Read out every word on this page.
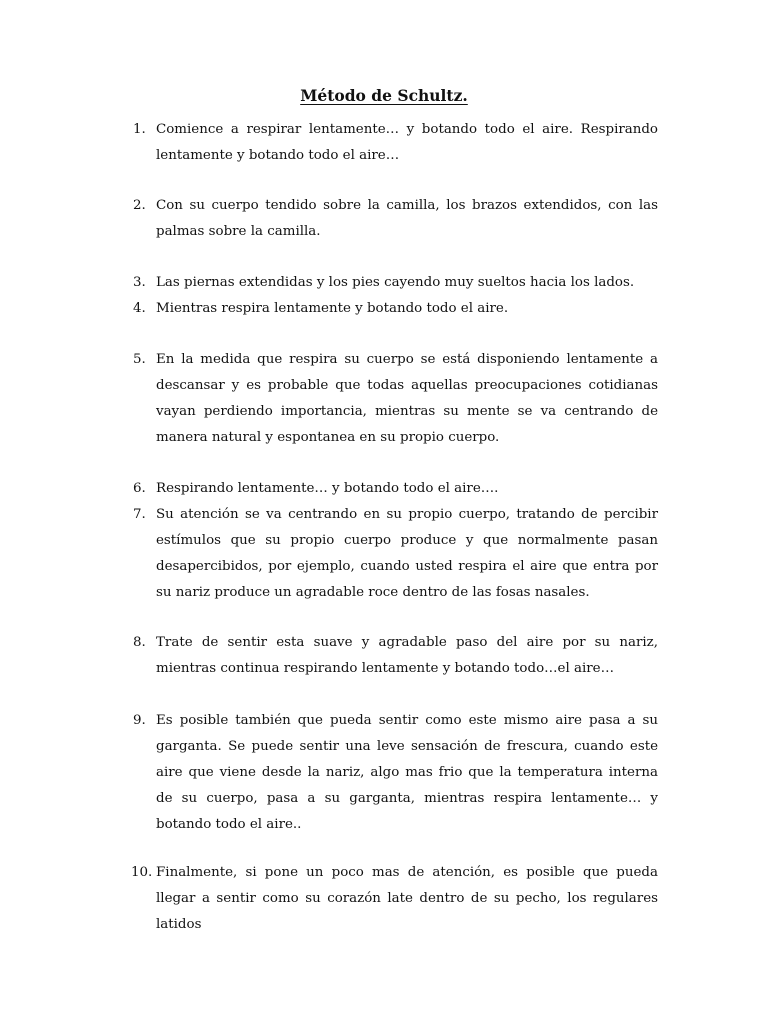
Método de Schultz.
1. Comience a respirar lentamente… y botando todo el aire. Respirando lentamente y botando todo el aire…

2. Con su cuerpo tendido sobre la camilla, los brazos extendidos, con las palmas sobre la camilla.

3. Las piernas extendidas y los pies cayendo muy sueltos hacia los lados.

4. Mientras respira lentamente y botando todo el aire.

5. En la medida que respira su cuerpo se está disponiendo lentamente a descansar y es probable que todas aquellas preocupaciones cotidianas vayan perdiendo importancia, mientras su mente se va centrando de manera natural y espontanea en su propio cuerpo.

6. Respirando lentamente… y botando todo el aire….

7. Su atención se va centrando en su propio cuerpo, tratando de percibir estímulos que su propio cuerpo produce y que normalmente pasan desapercibidos, por ejemplo, cuando usted respira el aire que entra por su nariz produce un agradable roce dentro de las fosas nasales.

8. Trate de sentir esta suave y agradable paso del aire por su nariz, mientras continua respirando lentamente y botando todo…el aire…

9. Es posible también que pueda sentir como este mismo aire pasa a su garganta. Se puede sentir una leve sensación de frescura, cuando este aire que viene desde la nariz, algo mas frio que la temperatura interna de su cuerpo, pasa a su garganta, mientras respira lentamente… y botando todo el aire..

10. Finalmente, si pone un poco mas de atención, es posible que pueda llegar a sentir como su corazón late dentro de su pecho, los regulares latidos
